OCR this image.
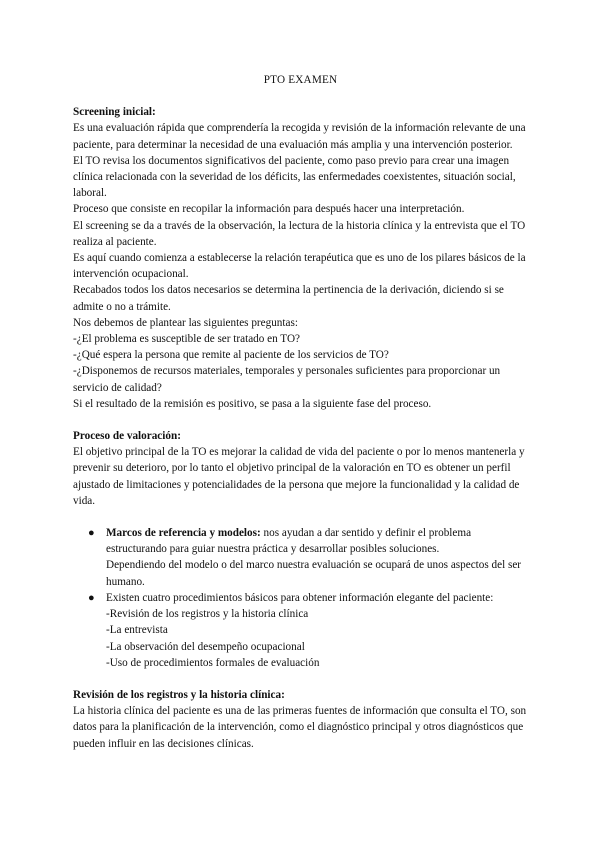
PTO EXAMEN

Screening inicial:

Es una evaluación rápida que comprendería la recogida y revisión de la información relevante de una paciente, para determinar la necesidad de una evaluación más amplia y una intervención posterior.

El TO revisa los documentos significativos del paciente, como paso previo para crear una imagen clínica relacionada con la severidad de los déficits, las enfermedades coexistentes, situación social, laboral.

Proceso que consiste en recopilar la información para después hacer una interpretación.

El screening se da a través de la observación, la lectura de la historia clínica y la entrevista que el TO realiza al paciente.

Es aquí cuando comienza a establecerse la relación terapéutica que es uno de los pilares básicos de la intervención ocupacional.

Recabados todos los datos necesarios se determina la pertinencia de la derivación, diciendo si se admite o no a trámite.

Nos debemos de plantear las siguientes preguntas:

-¿El problema es susceptible de ser tratado en TO?

-¿Qué espera la persona que remite al paciente de los servicios de TO?

-¿Disponemos de recursos materiales, temporales y personales suficientes para proporcionar un servicio de calidad?

Si el resultado de la remisión es positivo, se pasa a la siguiente fase del proceso.

Proceso de valoración:

El objetivo principal de la TO es mejorar la calidad de vida del paciente o por lo menos mantenerla y prevenir su deterioro, por lo tanto el objetivo principal de la valoración en TO es obtener un perfil ajustado de limitaciones y potencialidades de la persona que mejore la funcionalidad y la calidad de vida.

● Marcos de referencia y modelos: nos ayudan a dar sentido y definir el problema estructurando para guiar nuestra práctica y desarrollar posibles soluciones.
Dependiendo del modelo o del marco nuestra evaluación se ocupará de unos aspectos del ser humano.
● Existen cuatro procedimientos básicos para obtener información elegante del paciente:
-Revisión de los registros y la historia clínica
-La entrevista
-La observación del desempeño ocupacional
-Uso de procedimientos formales de evaluación

Revisión de los registros y la historia clínica:

La historia clínica del paciente es una de las primeras fuentes de información que consulta el TO, son datos para la planificación de la intervención, como el diagnóstico principal y otros diagnósticos que pueden influir en las decisiones clínicas.
